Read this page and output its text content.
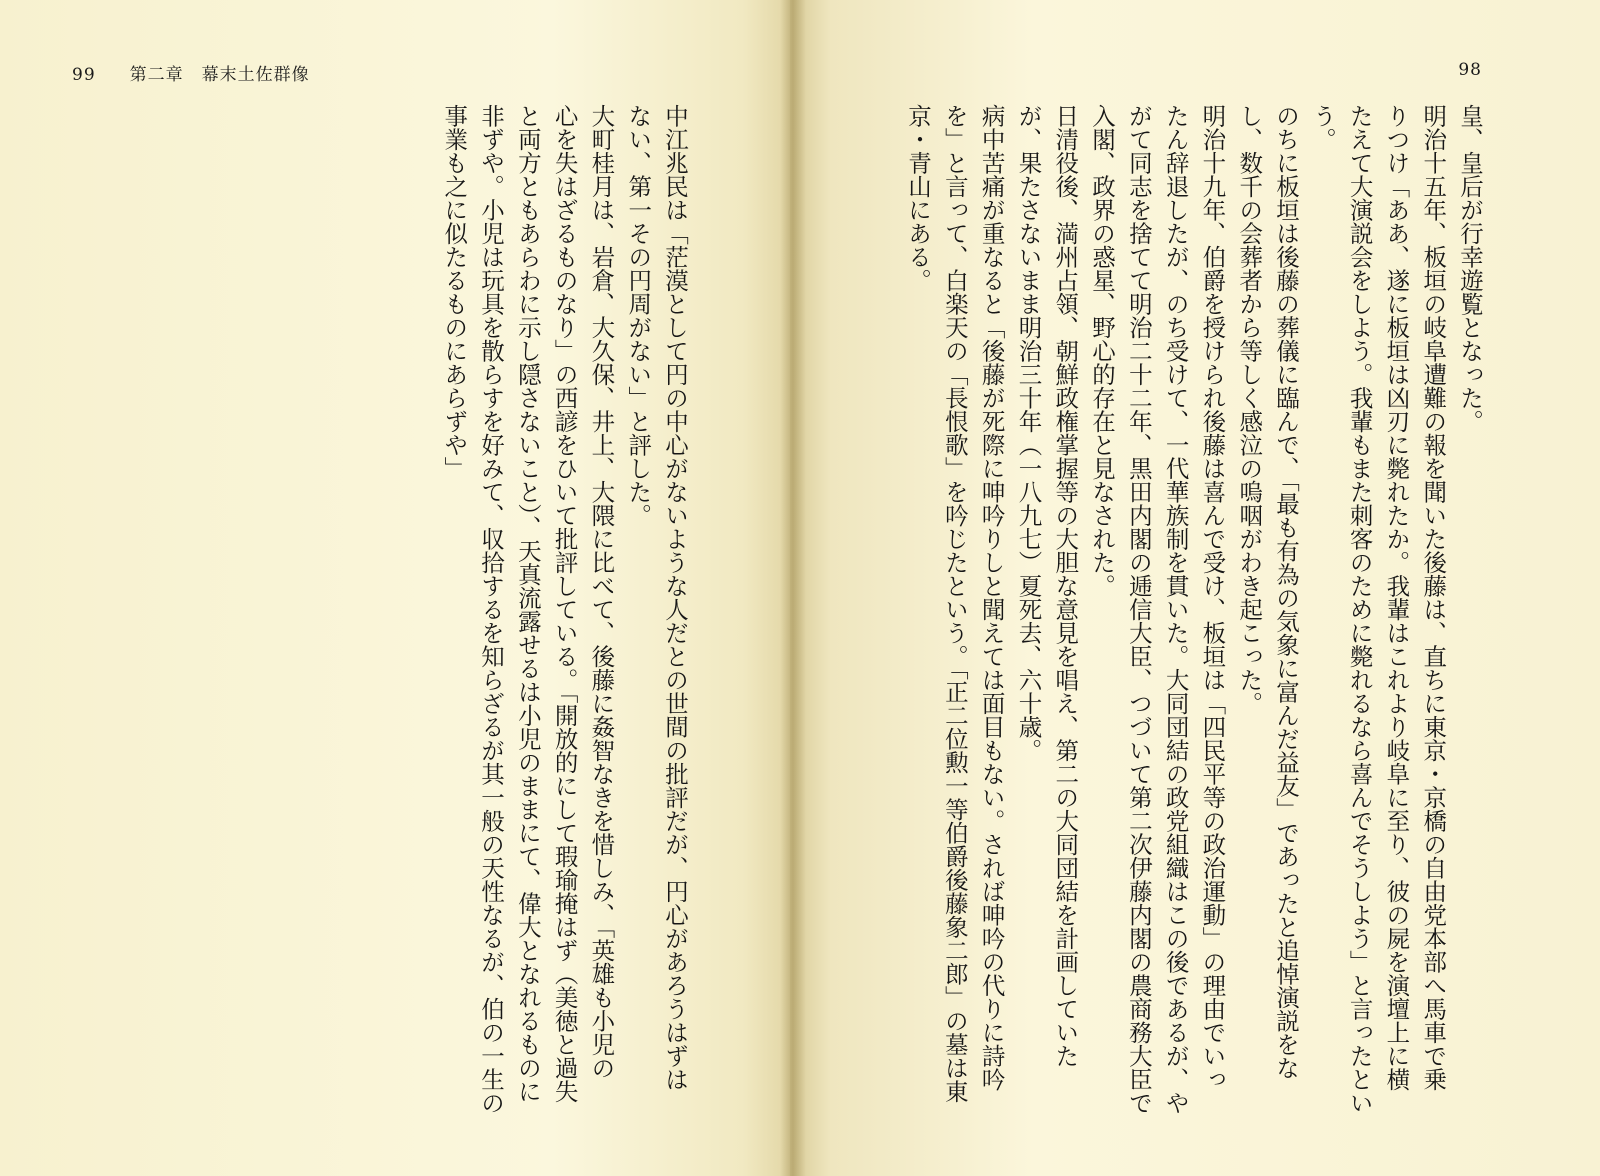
99 第二章　幕末土佐群像

中江兆民は「茫漠として円の中心がないような人だとの世間の批評だが、円心があろうはずは

ない、第一その円周がない」と評した。

大町桂月は、岩倉、大久保、井上、大隈に比べて、後藤に姦智なきを惜しみ、「英雄も小児の

心を失はざるものなり」の西諺をひいて批評している。「開放的にして瑕瑜掩はず（美徳と過失

と両方ともあらわに示し隠さないこと）、天真流露せるは小児のままにて、偉大となれるものに

非ずや。小児は玩具を散らすを好みて、収拾するを知らざるが其一般の天性なるが、伯の一生の

事業も之に似たるものにあらずや」

98

皇、皇后が行幸遊覧となった。

明治十五年、板垣の岐阜遭難の報を聞いた後藤は、直ちに東京・京橋の自由党本部へ馬車で乗

りつけ「ああ、遂に板垣は凶刃に斃れたか。我輩はこれより岐阜に至り、彼の屍を演壇上に横

たえて大演説会をしよう。我輩もまた刺客のために斃れるなら喜んでそうしよう」と言ったとい

う。

のちに板垣は後藤の葬儀に臨んで、「最も有為の気象に富んだ益友」であったと追悼演説をな

し、数千の会葬者から等しく感泣の嗚咽がわき起こった。

明治十九年、伯爵を授けられ後藤は喜んで受け、板垣は「四民平等の政治運動」の理由でいっ

たん辞退したが、のち受けて、一代華族制を貫いた。大同団結の政党組織はこの後であるが、や

がて同志を捨てて明治二十二年、黒田内閣の逓信大臣、つづいて第二次伊藤内閣の農商務大臣で

入閣、政界の惑星、野心的存在と見なされた。

日清役後、満州占領、朝鮮政権掌握等の大胆な意見を唱え、第二の大同団結を計画していた

が、果たさないまま明治三十年（一八九七）夏死去、六十歳。

病中苦痛が重なると「後藤が死際に呻吟りしと聞えては面目もない。されば呻吟の代りに詩吟

を」と言って、白楽天の「長恨歌」を吟じたという。「正二位勲一等伯爵後藤象二郎」の墓は東

京・青山にある。
